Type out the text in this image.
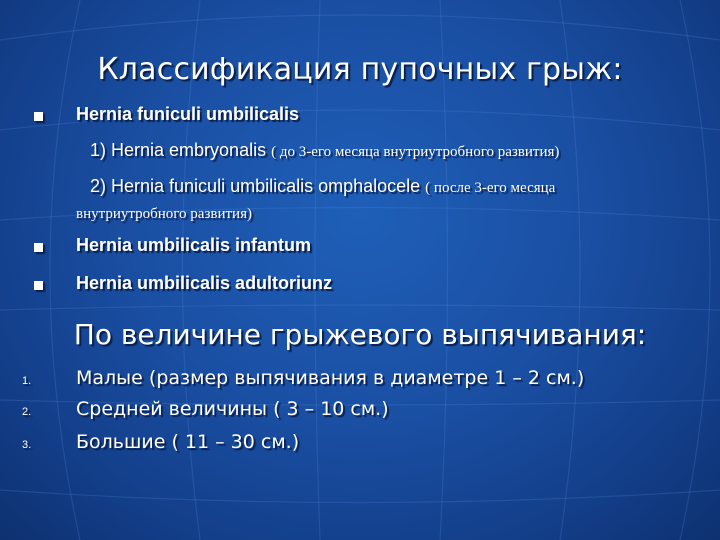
Классификация пупочных грыж:
Hernia funiculi umbilicalis
1) Hernia embryonalis ( до 3-его месяца внутриутробного развития)
2) Hernia funiculi umbilicalis omphalocele ( после 3-его месяца
внутриутробного развития)
Hernia umbilicalis infantum
Hernia umbilicalis adultoriunz
По величине грыжевого выпячивания:
1. Малые (размер выпячивания в диаметре 1 – 2 см.)
2. Средней величины ( 3 – 10 см.)
3. Большие ( 11 – 30 см.)
